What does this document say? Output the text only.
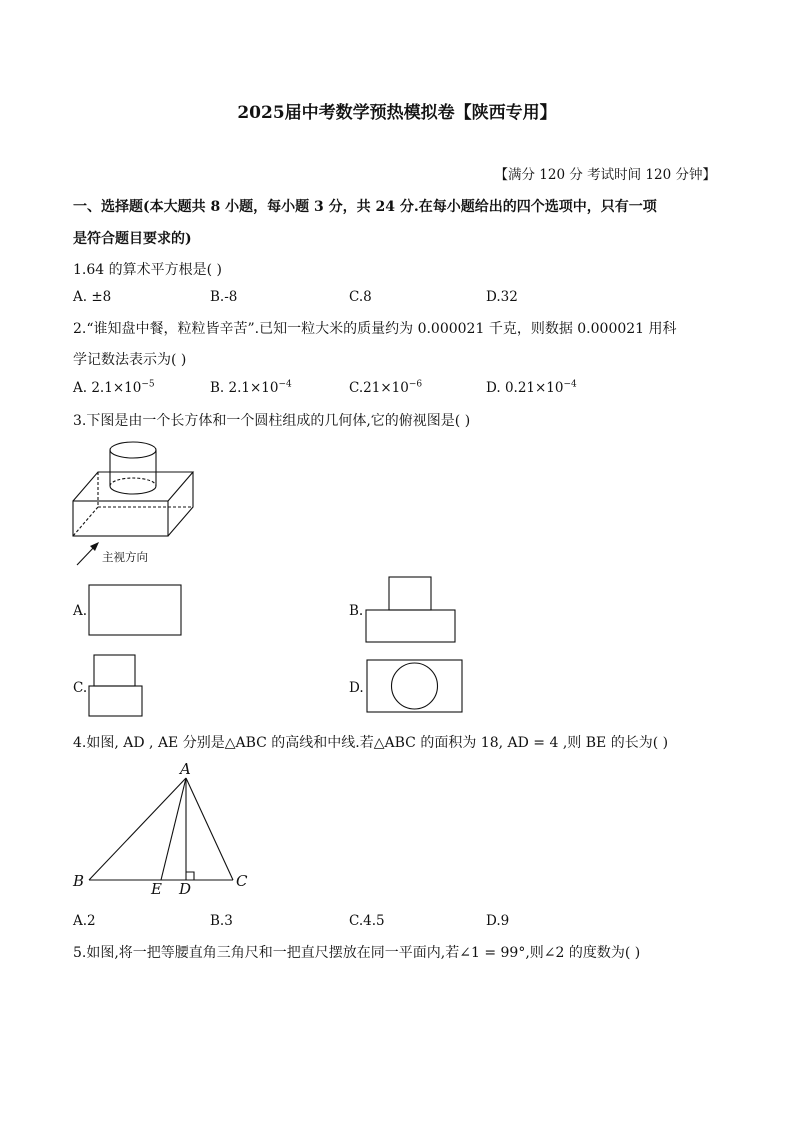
2025届中考数学预热模拟卷【陕西专用】
【满分 120 分 考试时间 120 分钟】
一、选择题(本大题共 8 小题，每小题 3 分，共 24 分.在每小题给出的四个选项中，只有一项
是符合题目要求的)
1.64 的算术平方根是( )
A. ±8	B.-8	C.8	D.32
2.“谁知盘中餐，粒粒皆辛苦”.已知一粒大米的质量约为 0.000021 千克，则数据 0.000021 用科
学记数法表示为( )
A. $2.1\times 10^{-5}$	B. $2.1\times 10^{-4}$	$C.21\times 10^{-6}$	D. $0.21\times 10^{-4}$
3.下图是由一个长方体和一个圆柱组成的几何体,它的俯视图是( )
主视方向
A.	B.
C.	D.
4.如图, AD , AE 分别是△ABC 的高线和中线.若△ABC 的面积为 18, AD = 4 ,则 BE 的长为( )
A
B	C
D
E
A.2	B.3	C.4.5	D.9
5.如图,将一把等腰直角三角尺和一把直尺摆放在同一平面内,若∠1 = 99°,则∠2 的度数为( )
